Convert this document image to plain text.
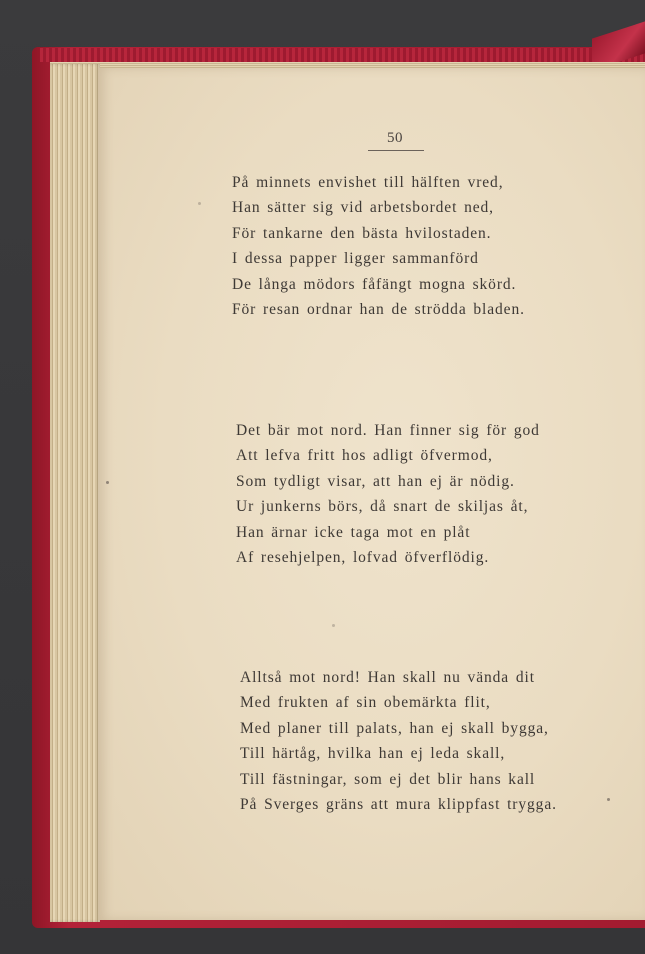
50
På minnets envishet till hälften vred,
Han sätter sig vid arbetsbordet ned,
För tankarne den bästa hvilostaden.
I dessa papper ligger sammanförd
De långa mödors fåfängt mogna skörd.
För resan ordnar han de strödda bladen.
Det bär mot nord. Han finner sig för god
Att lefva fritt hos adligt öfvermod,
Som tydligt visar, att han ej är nödig.
Ur junkerns börs, då snart de skiljas åt,
Han ärnar icke taga mot en plåt
Af resehjelpen, lofvad öfverflödig.
Alltså mot nord! Han skall nu vända dit
Med frukten af sin obemärkta flit,
Med planer till palats, han ej skall bygga,
Till härtåg, hvilka han ej leda skall,
Till fästningar, som ej det blir hans kall
På Sverges gräns att mura klippfast trygga.
